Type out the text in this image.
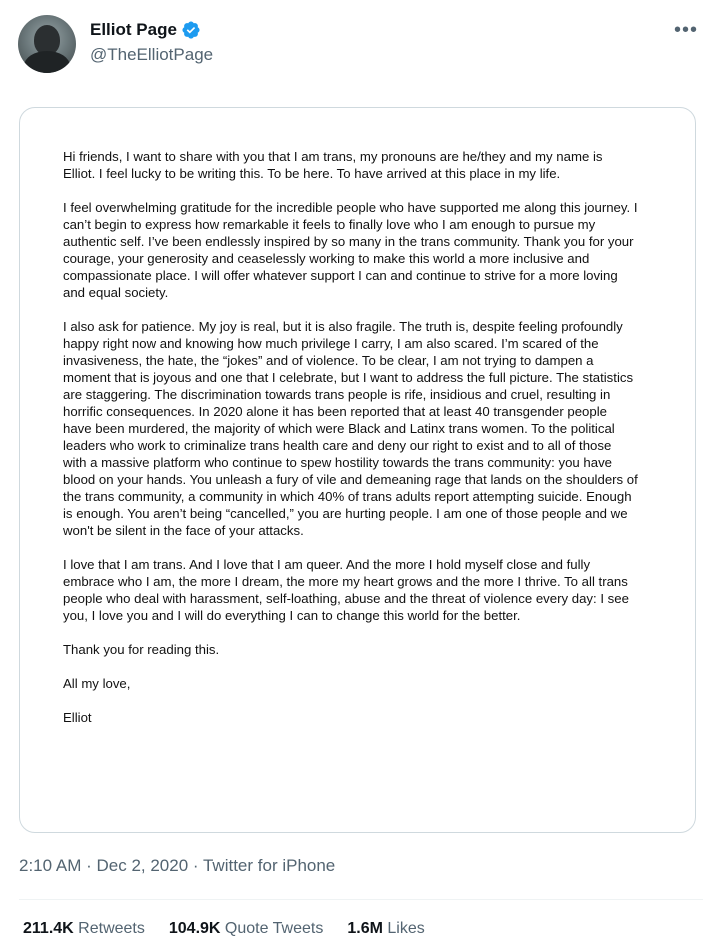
Elliot Page
@TheElliotPage
•••

Hi friends, I want to share with you that I am trans, my pronouns are he/they and my name is Elliot. I feel lucky to be writing this. To be here. To have arrived at this place in my life.

I feel overwhelming gratitude for the incredible people who have supported me along this journey. I can’t begin to express how remarkable it feels to finally love who I am enough to pursue my authentic self. I’ve been endlessly inspired by so many in the trans community. Thank you for your courage, your generosity and ceaselessly working to make this world a more inclusive and compassionate place. I will offer whatever support I can and continue to strive for a more loving and equal society.

I also ask for patience. My joy is real, but it is also fragile. The truth is, despite feeling profoundly happy right now and knowing how much privilege I carry, I am also scared. I’m scared of the invasiveness, the hate, the “jokes” and of violence. To be clear, I am not trying to dampen a moment that is joyous and one that I celebrate, but I want to address the full picture. The statistics are staggering. The discrimination towards trans people is rife, insidious and cruel, resulting in horrific consequences. In 2020 alone it has been reported that at least 40 transgender people have been murdered, the majority of which were Black and Latinx trans women. To the political leaders who work to criminalize trans health care and deny our right to exist and to all of those with a massive platform who continue to spew hostility towards the trans community: you have blood on your hands. You unleash a fury of vile and demeaning rage that lands on the shoulders of the trans community, a community in which 40% of trans adults report attempting suicide. Enough is enough. You aren’t being “cancelled,” you are hurting people. I am one of those people and we won't be silent in the face of your attacks.

I love that I am trans. And I love that I am queer. And the more I hold myself close and fully embrace who I am, the more I dream, the more my heart grows and the more I thrive. To all trans people who deal with harassment, self-loathing, abuse and the threat of violence every day: I see you, I love you and I will do everything I can to change this world for the better.

Thank you for reading this.

All my love,

Elliot

2:10 AM · Dec 2, 2020 · Twitter for iPhone
211.4K Retweets 104.9K Quote Tweets 1.6M Likes
